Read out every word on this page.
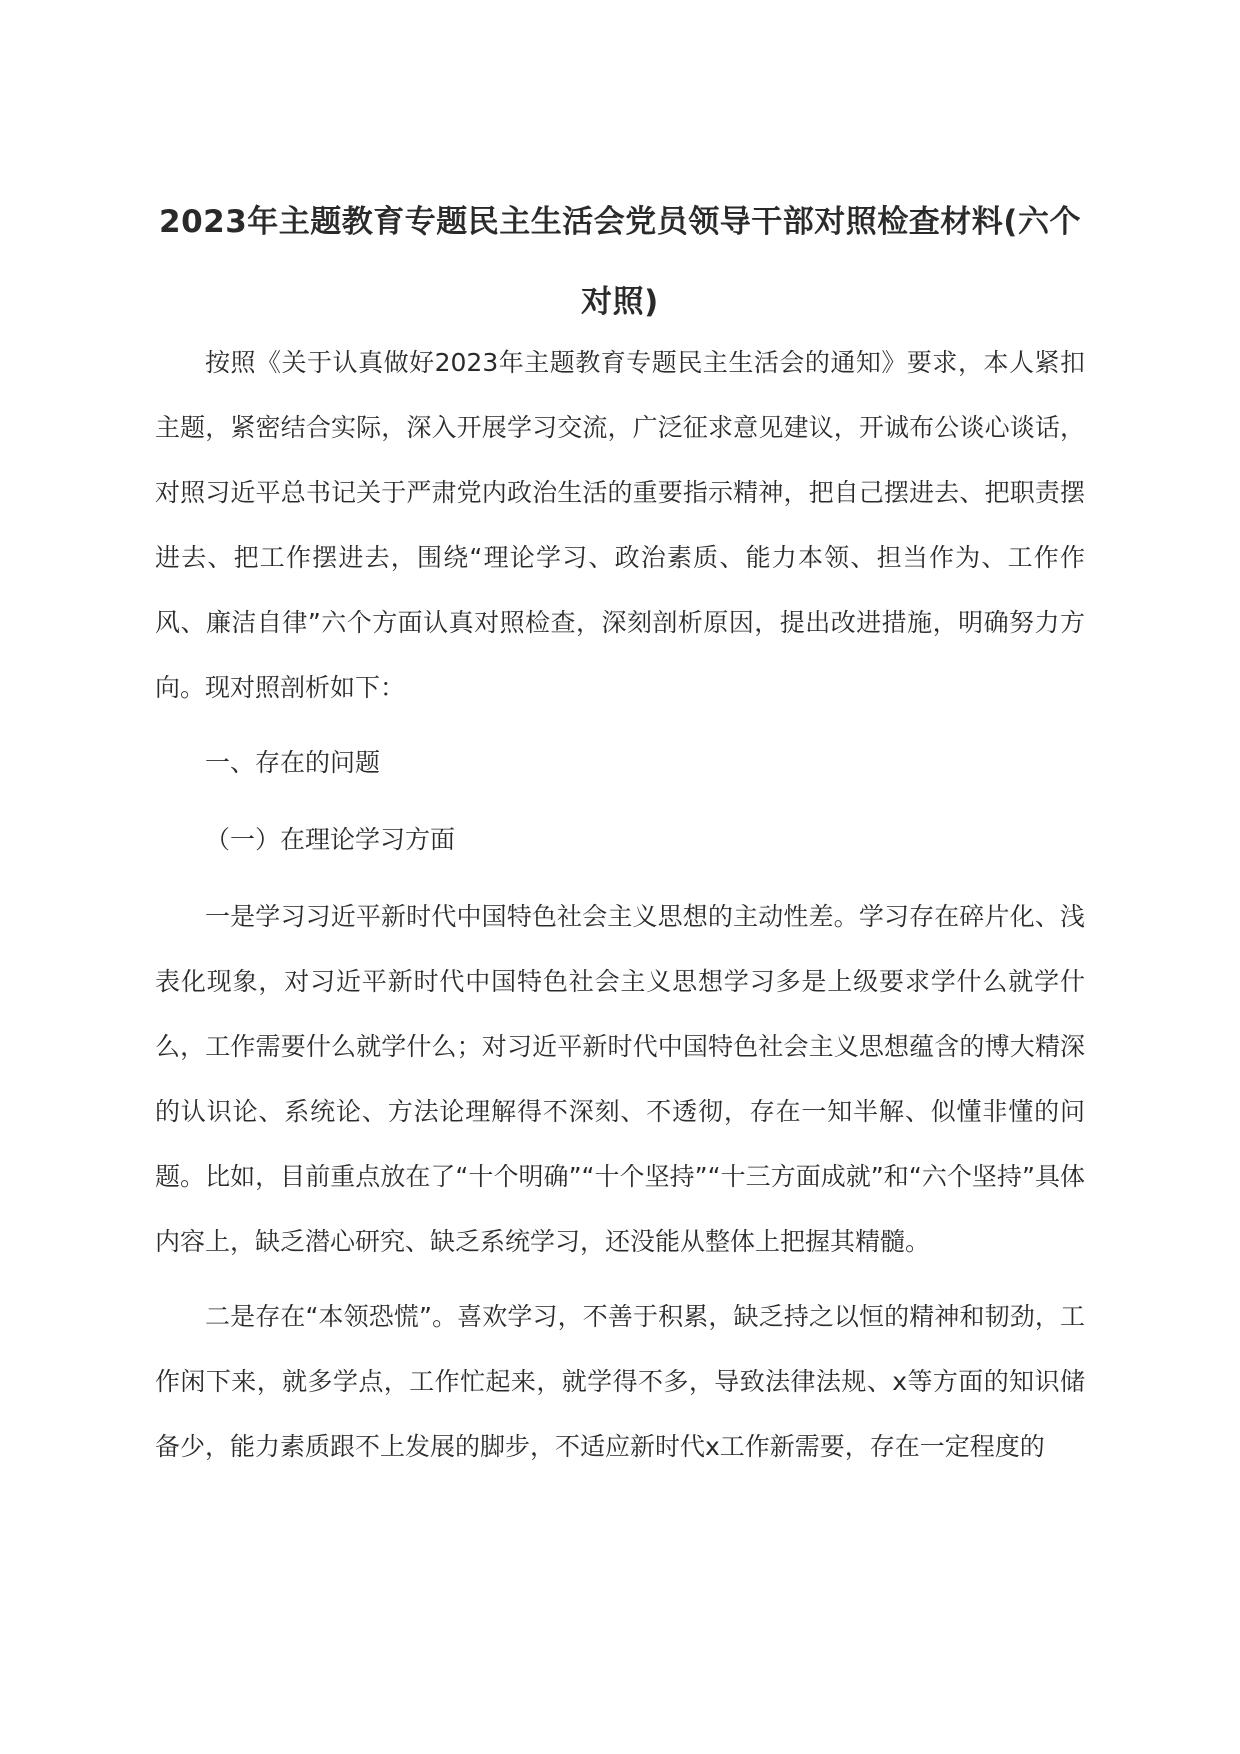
2023年主题教育专题民主生活会党员领导干部对照检查材料(六个对照)

按照《关于认真做好2023年主题教育专题民主生活会的通知》要求，本人紧扣主题，紧密结合实际，深入开展学习交流，广泛征求意见建议，开诚布公谈心谈话，对照习近平总书记关于严肃党内政治生活的重要指示精神，把自己摆进去、把职责摆进去、把工作摆进去，围绕“理论学习、政治素质、能力本领、担当作为、工作作风、廉洁自律”六个方面认真对照检查，深刻剖析原因，提出改进措施，明确努力方向。现对照剖析如下：

一、存在的问题

（一）在理论学习方面

一是学习习近平新时代中国特色社会主义思想的主动性差。学习存在碎片化、浅表化现象，对习近平新时代中国特色社会主义思想学习多是上级要求学什么就学什么，工作需要什么就学什么；对习近平新时代中国特色社会主义思想蕴含的博大精深的认识论、系统论、方法论理解得不深刻、不透彻，存在一知半解、似懂非懂的问题。比如，目前重点放在了“十个明确”“十个坚持”“十三方面成就”和“六个坚持”具体内容上，缺乏潜心研究、缺乏系统学习，还没能从整体上把握其精髓。

二是存在“本领恐慌”。喜欢学习，不善于积累，缺乏持之以恒的精神和韧劲，工作闲下来，就多学点，工作忙起来，就学得不多，导致法律法规、x等方面的知识储备少，能力素质跟不上发展的脚步，不适应新时代x工作新需要，存在一定程度的
